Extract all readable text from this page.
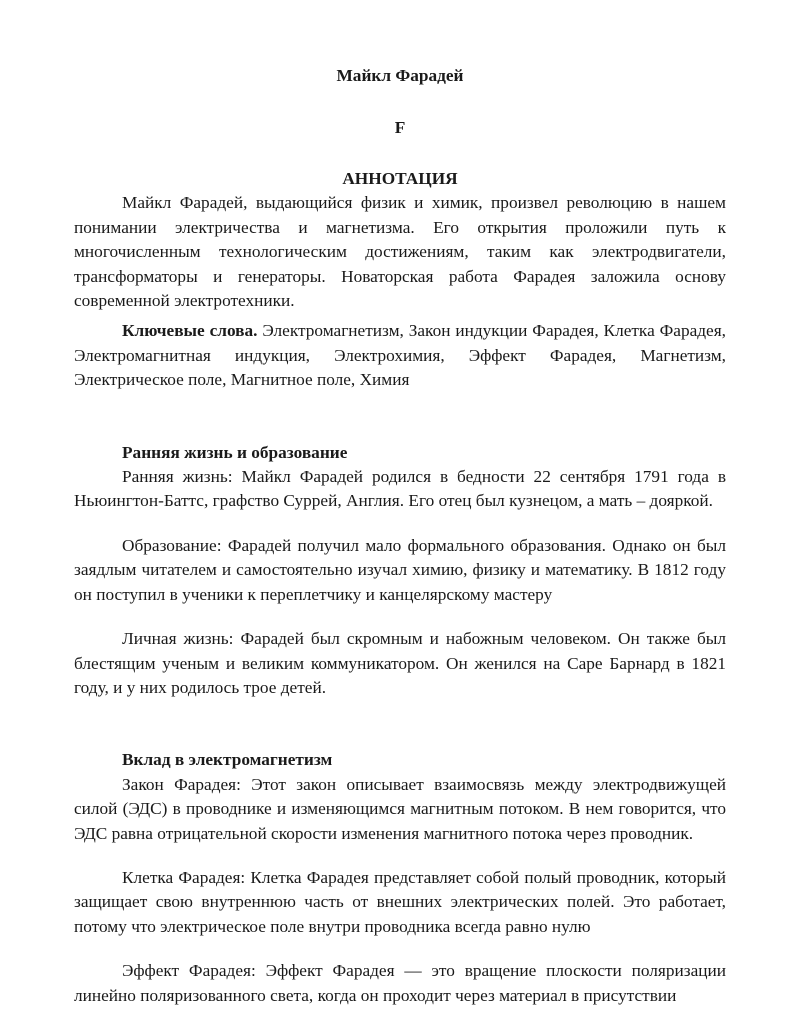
Майкл Фарадей
F
АННОТАЦИЯ

Майкл Фарадей, выдающийся физик и химик, произвел революцию в нашем понимании электричества и магнетизма. Его открытия проложили путь к многочисленным технологическим достижениям, таким как электродвигатели, трансформаторы и генераторы. Новаторская работа Фарадея заложила основу современной электротехники.

Ключевые слова. Электромагнетизм, Закон индукции Фарадея, Клетка Фарадея, Электромагнитная индукция, Электрохимия, Эффект Фарадея, Магнетизм, Электрическое поле, Магнитное поле, Химия

Ранняя жизнь и образование

Ранняя жизнь: Майкл Фарадей родился в бедности 22 сентября 1791 года в Ньюингтон-Баттс, графство Суррей, Англия. Его отец был кузнецом, а мать – дояркой.

Образование: Фарадей получил мало формального образования. Однако он был заядлым читателем и самостоятельно изучал химию, физику и математику. В 1812 году он поступил в ученики к переплетчику и канцелярскому мастеру

Личная жизнь: Фарадей был скромным и набожным человеком. Он также был блестящим ученым и великим коммуникатором. Он женился на Саре Барнард в 1821 году, и у них родилось трое детей.

Вклад в электромагнетизм

Закон Фарадея: Этот закон описывает взаимосвязь между электродвижущей силой (ЭДС) в проводнике и изменяющимся магнитным потоком. В нем говорится, что ЭДС равна отрицательной скорости изменения магнитного потока через проводник.

Клетка Фарадея: Клетка Фарадея представляет собой полый проводник, который защищает свою внутреннюю часть от внешних электрических полей. Это работает, потому что электрическое поле внутри проводника всегда равно нулю

Эффект Фарадея: Эффект Фарадея — это вращение плоскости поляризации линейно поляризованного света, когда он проходит через материал в присутствии
